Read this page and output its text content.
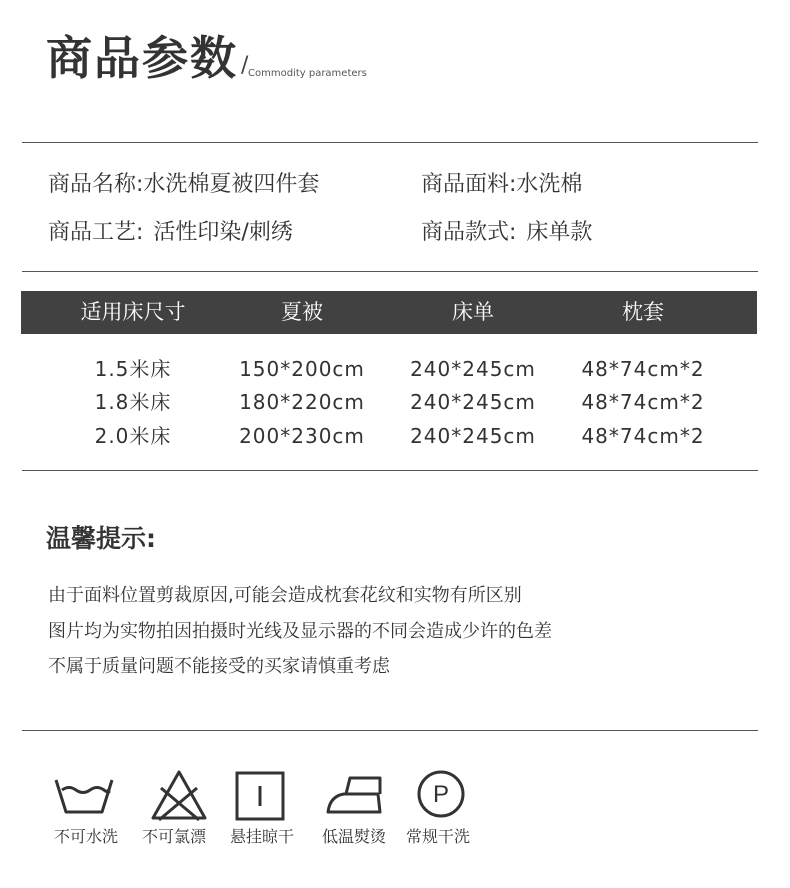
商品参数 / Commodity parameters
商品名称:水洗棉夏被四件套	商品面料:水洗棉
商品工艺: 活性印染/刺绣	商品款式: 床单款
适用床尺寸	夏被	床单	枕套
1.5米床	150*200cm	240*245cm	48*74cm*2
1.8米床	180*220cm	240*245cm	48*74cm*2
2.0米床	200*230cm	240*245cm	48*74cm*2
温馨提示:
由于面料位置剪裁原因,可能会造成枕套花纹和实物有所区别
图片均为实物拍因拍摄时光线及显示器的不同会造成少许的色差
不属于质量问题不能接受的买家请慎重考虑
P
不可水洗	不可氯漂	悬挂晾干	低温熨烫	常规干洗
